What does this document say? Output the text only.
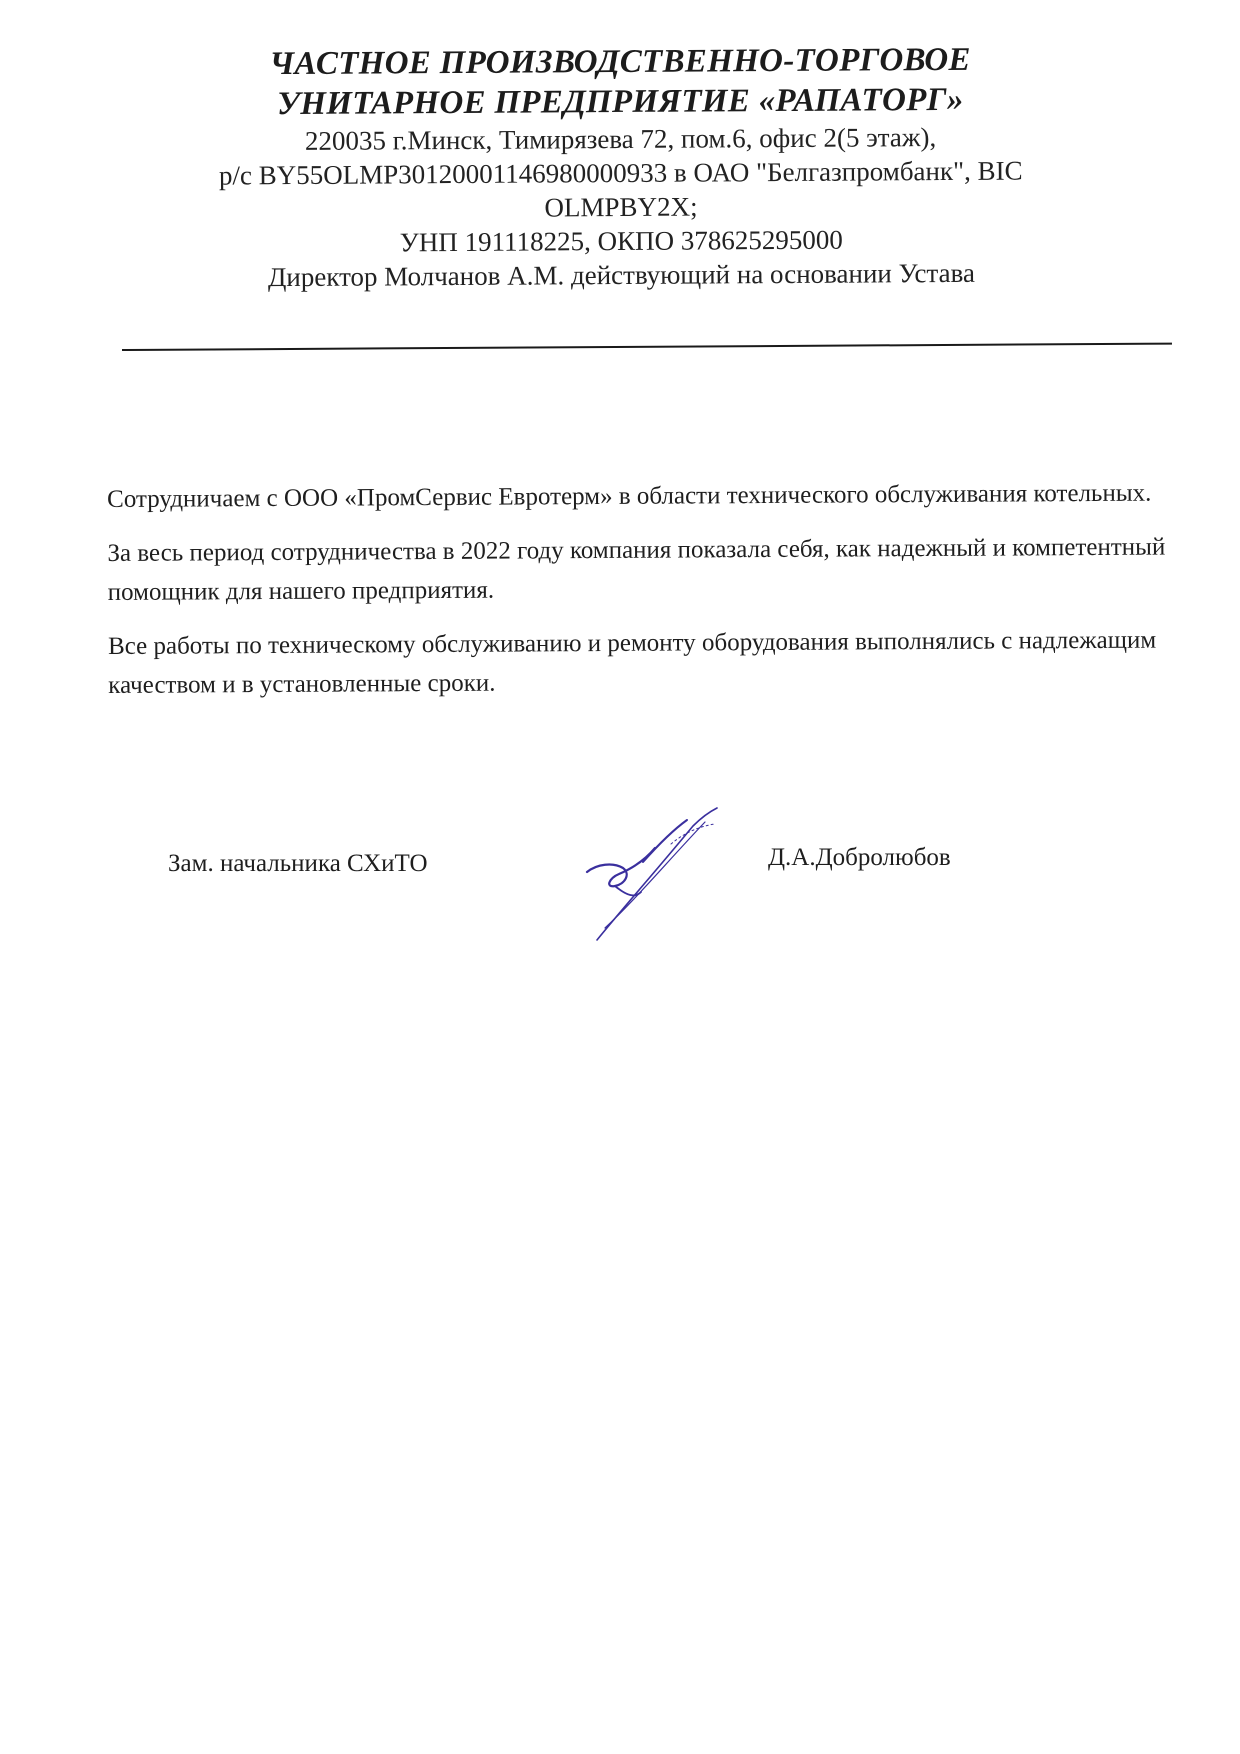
ЧАСТНОЕ ПРОИЗВОДСТВЕННО-ТОРГОВОЕ
УНИТАРНОЕ ПРЕДПРИЯТИЕ «РАПАТОРГ»
220035 г.Минск, Тимирязева 72, пом.6, офис 2(5 этаж),
р/с BY55OLMP30120001146980000933 в ОАО "Белгазпромбанк", BIC
OLMPBY2X;
УНП 191118225, ОКПО 378625295000
Директор Молчанов А.М. действующий на основании Устава

Сотрудничаем с ООО «ПромСервис Евротерм» в области технического обслуживания котельных.

За весь период сотрудничества в 2022 году компания показала себя, как надежный и компетентный помощник для нашего предприятия.

Все работы по техническому обслуживанию и ремонту оборудования выполнялись с надлежащим качеством и в установленные сроки.

Зам. начальника СХиТО	Д.А.Добролюбов
